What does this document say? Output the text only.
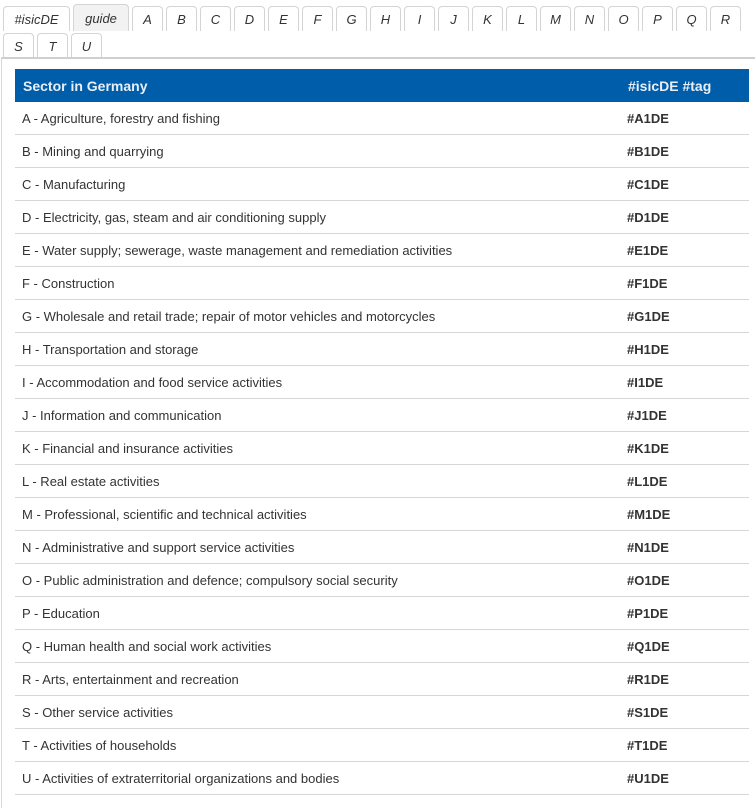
#isicDE	guide	A	B	C	D	E	F	G	H	I	J	K	L	M	N	O	P	Q	R
S	T	U
Sector in Germany	#isicDE #tag
A - Agriculture, forestry and fishing	#A1DE
B - Mining and quarrying	#B1DE
C - Manufacturing	#C1DE
D - Electricity, gas, steam and air conditioning supply	#D1DE
E - Water supply; sewerage, waste management and remediation activities	#E1DE
F - Construction	#F1DE
G - Wholesale and retail trade; repair of motor vehicles and motorcycles	#G1DE
H - Transportation and storage	#H1DE
I - Accommodation and food service activities	#I1DE
J - Information and communication	#J1DE
K - Financial and insurance activities	#K1DE
L - Real estate activities	#L1DE
M - Professional, scientific and technical activities	#M1DE
N - Administrative and support service activities	#N1DE
O - Public administration and defence; compulsory social security	#O1DE
P - Education	#P1DE
Q - Human health and social work activities	#Q1DE
R - Arts, entertainment and recreation	#R1DE
S - Other service activities	#S1DE
T - Activities of households	#T1DE
U - Activities of extraterritorial organizations and bodies	#U1DE
